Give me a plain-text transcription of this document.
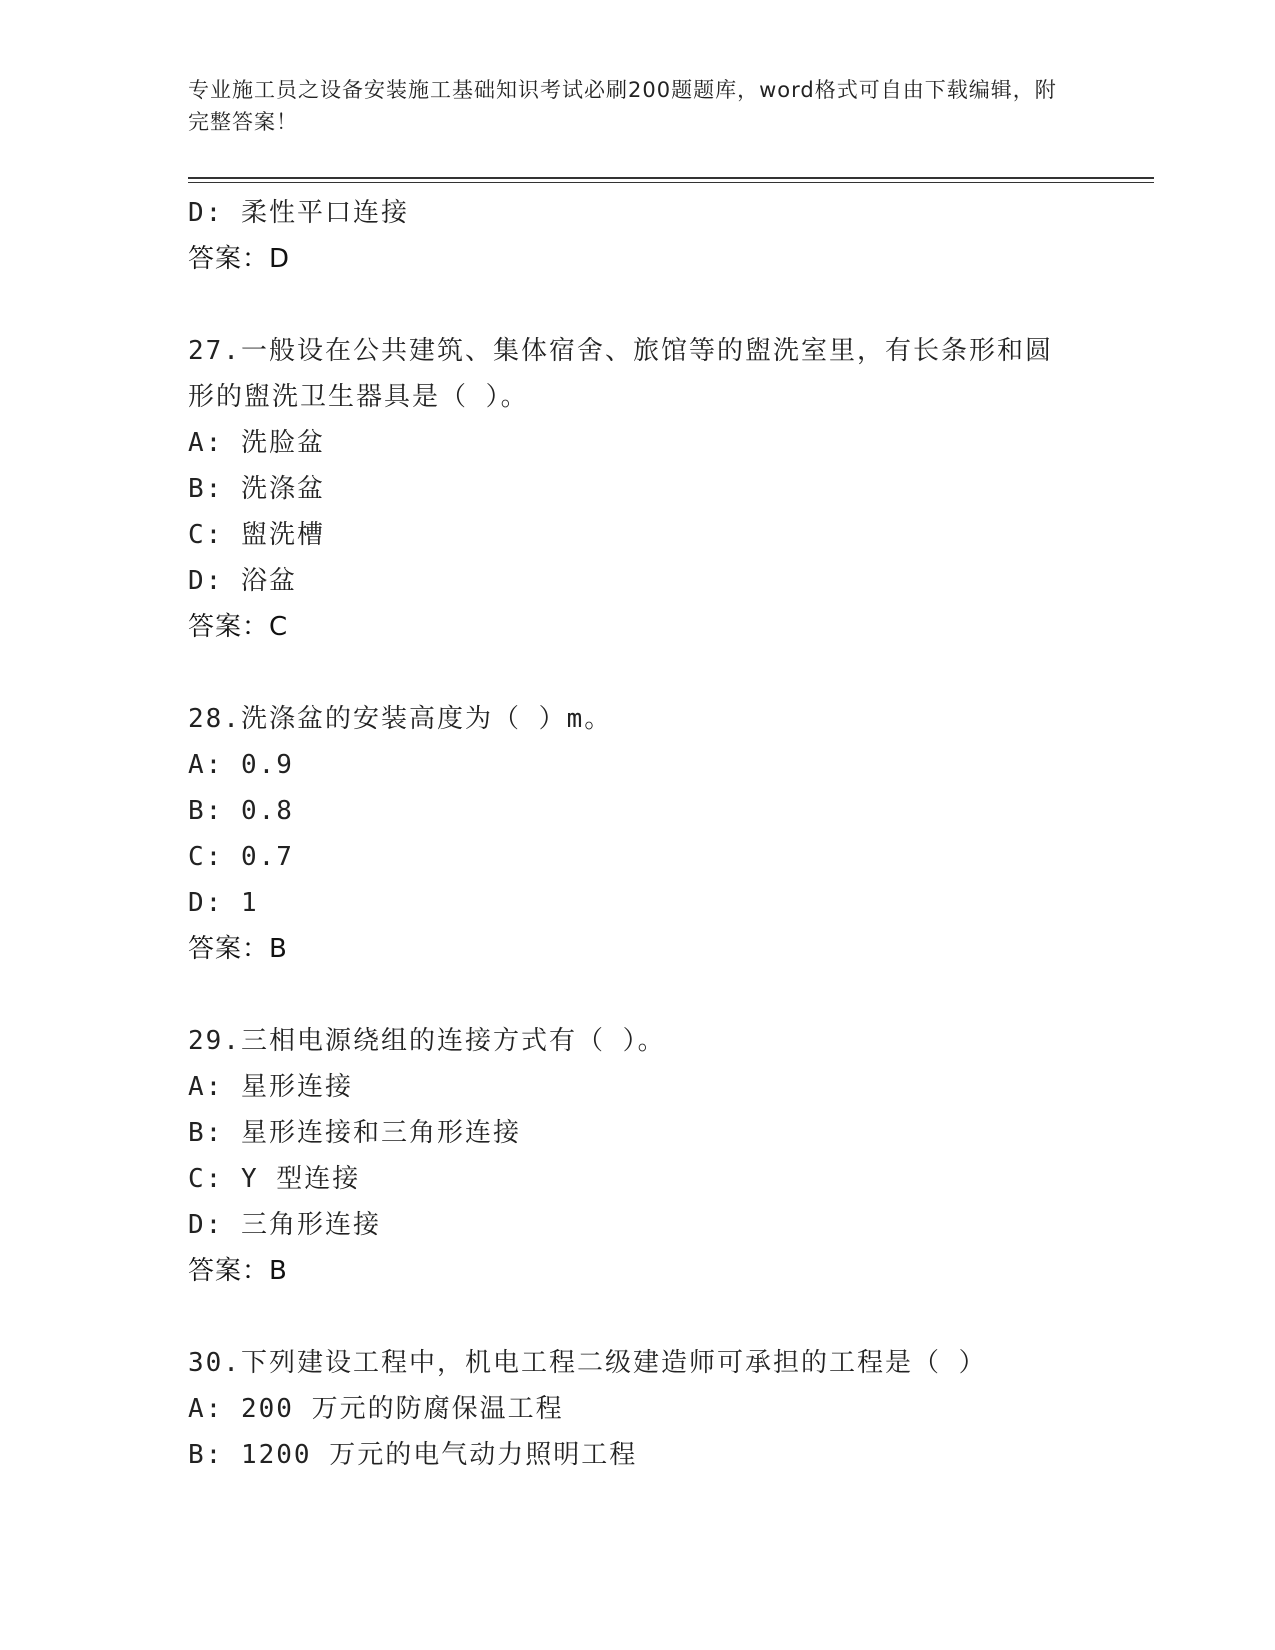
专业施工员之设备安装施工基础知识考试必刷200题题库，word格式可自由下载编辑，附完整答案！
D: 柔性平口连接
答案：D
27.一般设在公共建筑、集体宿舍、旅馆等的盥洗室里，有长条形和圆
形的盥洗卫生器具是（ ）。
A: 洗脸盆
B: 洗涤盆
C: 盥洗槽
D: 浴盆
答案：C
28.洗涤盆的安装高度为（ ）m。
A: 0.9
B: 0.8
C: 0.7
D: 1
答案：B
29.三相电源绕组的连接方式有（ ）。
A: 星形连接
B: 星形连接和三角形连接
C: Y 型连接
D: 三角形连接
答案：B
30.下列建设工程中，机电工程二级建造师可承担的工程是（ ）
A: 200 万元的防腐保温工程
B: 1200 万元的电气动力照明工程
